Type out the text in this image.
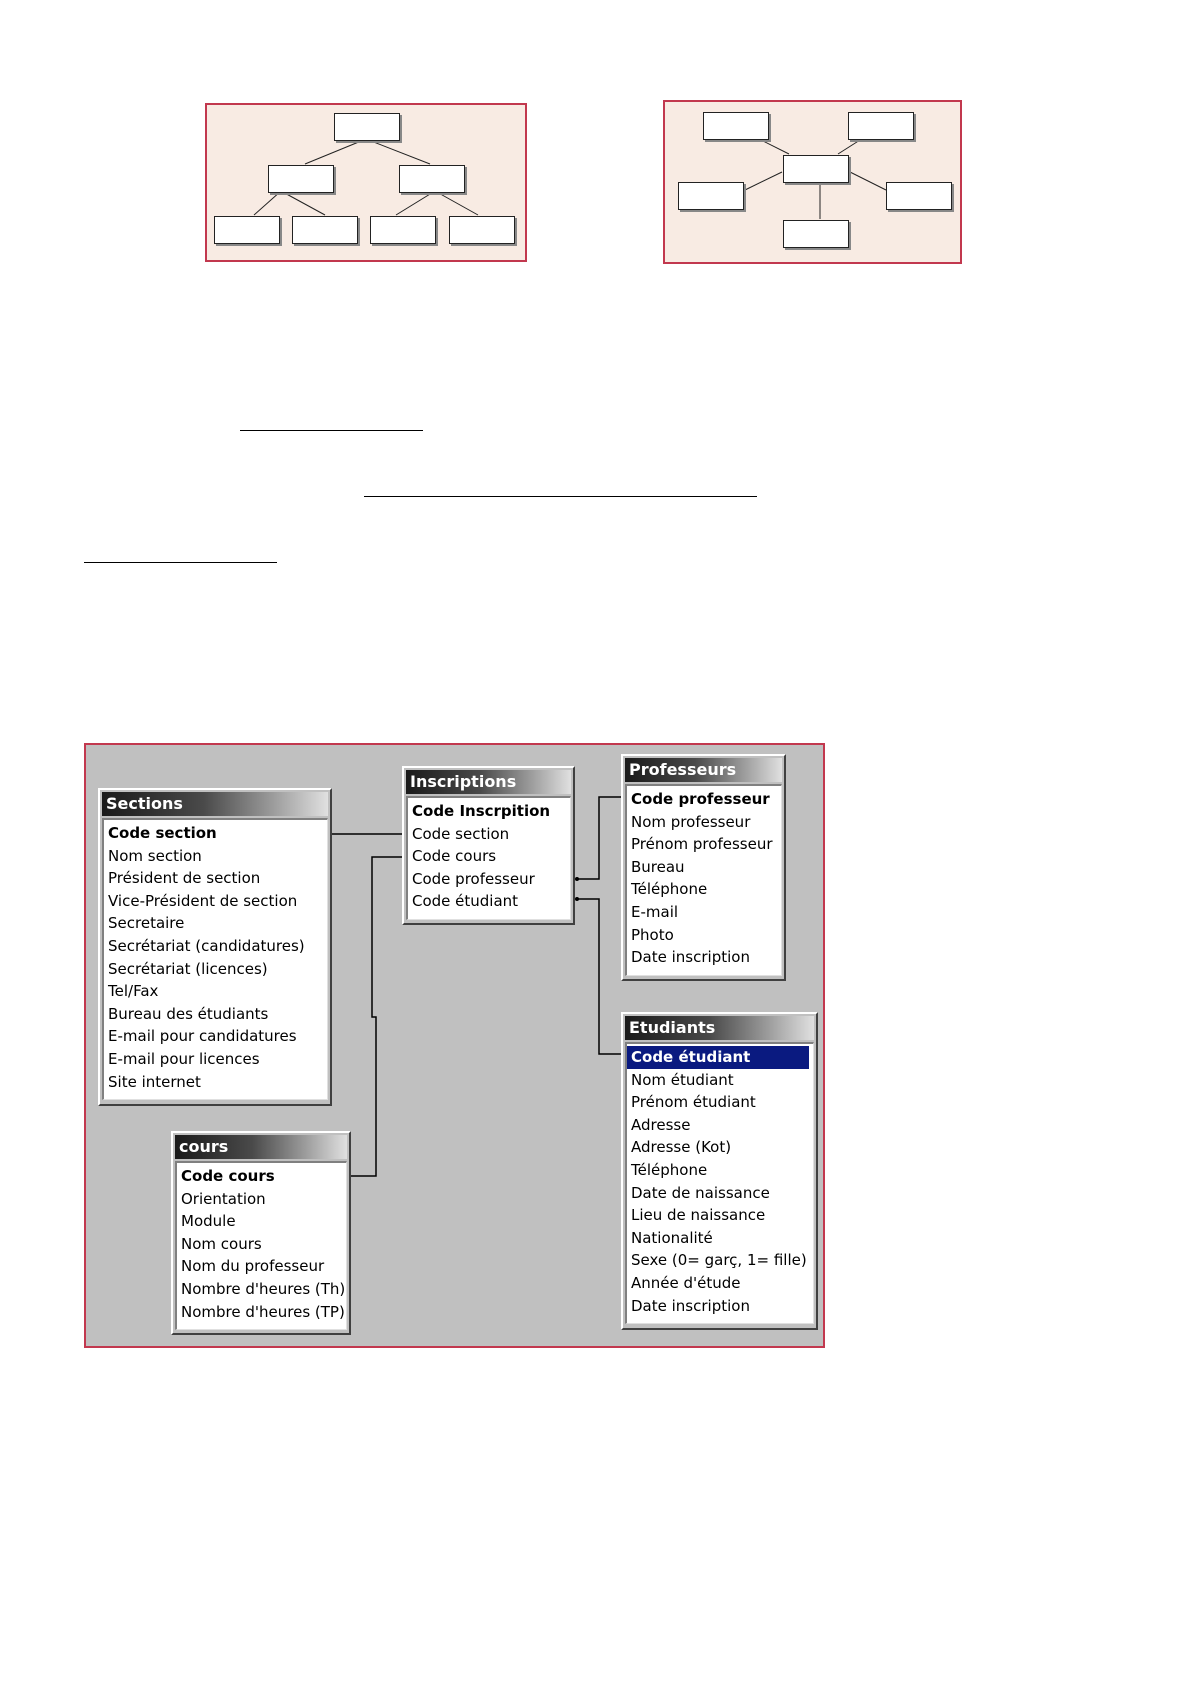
Sections
Code section
Nom section
Président de section
Vice-Président de section
Secretaire
Secrétariat (candidatures)
Secrétariat (licences)
Tel/Fax
Bureau des étudiants
E-mail pour candidatures
E-mail pour licences
Site internet
Inscriptions
Code Inscrpition
Code section
Code cours
Code professeur
Code étudiant
Professeurs
Code professeur
Nom professeur
Prénom professeur
Bureau
Téléphone
E-mail
Photo
Date inscription
Etudiants
Code étudiant
Nom étudiant
Prénom étudiant
Adresse
Adresse (Kot)
Téléphone
Date de naissance
Lieu de naissance
Nationalité
Sexe (0= garç, 1= fille)
Année d'étude
Date inscription
cours
Code cours
Orientation
Module
Nom cours
Nom du professeur
Nombre d'heures (Th)
Nombre d'heures (TP)
